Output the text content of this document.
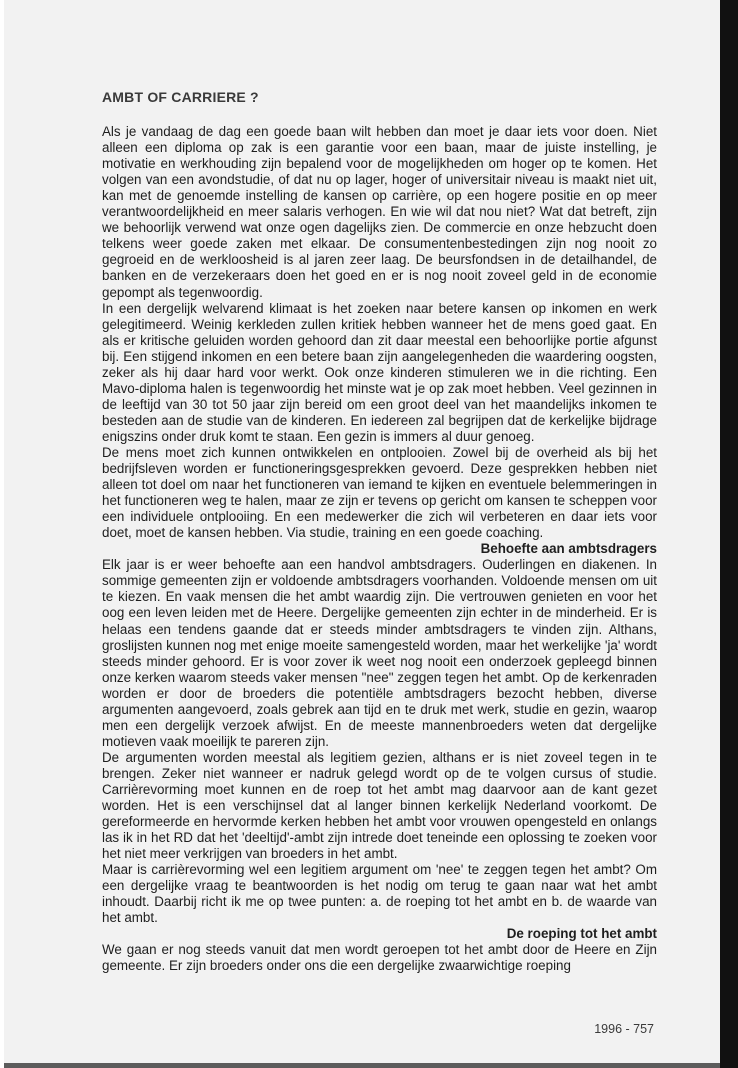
AMBT OF CARRIERE ?

Als je vandaag de dag een goede baan wilt hebben dan moet je daar iets voor doen. Niet alleen een diploma op zak is een garantie voor een baan, maar de juiste instelling, je motivatie en werkhouding zijn bepalend voor de mogelijkheden om hoger op te komen. Het volgen van een avondstudie, of dat nu op lager, hoger of universitair niveau is maakt niet uit, kan met de genoemde instelling de kansen op carrière, op een hogere positie en op meer verantwoordelijkheid en meer salaris verhogen. En wie wil dat nou niet? Wat dat betreft, zijn we behoorlijk verwend wat onze ogen dagelijks zien. De commercie en onze hebzucht doen telkens weer goede zaken met elkaar. De consumentenbestedingen zijn nog nooit zo gegroeid en de werkloosheid is al jaren zeer laag. De beursfondsen in de detailhandel, de banken en de verzekeraars doen het goed en er is nog nooit zoveel geld in de economie gepompt als tegenwoordig.

In een dergelijk welvarend klimaat is het zoeken naar betere kansen op inkomen en werk gelegitimeerd. Weinig kerkleden zullen kritiek hebben wanneer het de mens goed gaat. En als er kritische geluiden worden gehoord dan zit daar meestal een behoorlijke portie afgunst bij. Een stijgend inkomen en een betere baan zijn aangelegenheden die waardering oogsten, zeker als hij daar hard voor werkt. Ook onze kinderen stimuleren we in die richting. Een Mavo-diploma halen is tegenwoordig het minste wat je op zak moet hebben. Veel gezinnen in de leeftijd van 30 tot 50 jaar zijn bereid om een groot deel van het maandelijks inkomen te besteden aan de studie van de kinderen. En iedereen zal begrijpen dat de kerkelijke bijdrage enigszins onder druk komt te staan. Een gezin is immers al duur genoeg.

De mens moet zich kunnen ontwikkelen en ontplooien. Zowel bij de overheid als bij het bedrijfsleven worden er functioneringsgesprekken gevoerd. Deze gesprekken hebben niet alleen tot doel om naar het functioneren van iemand te kijken en eventuele belemmeringen in het functioneren weg te halen, maar ze zijn er tevens op gericht om kansen te scheppen voor een individuele ontplooiing. En een medewerker die zich wil verbeteren en daar iets voor doet, moet de kansen hebben. Via studie, training en een goede coaching.

Behoefte aan ambtsdragers

Elk jaar is er weer behoefte aan een handvol ambtsdragers. Ouderlingen en diakenen. In sommige gemeenten zijn er voldoende ambtsdragers voorhanden. Voldoende mensen om uit te kiezen. En vaak mensen die het ambt waardig zijn. Die vertrouwen genieten en voor het oog een leven leiden met de Heere. Dergelijke gemeenten zijn echter in de minderheid. Er is helaas een tendens gaande dat er steeds minder ambtsdragers te vinden zijn. Althans, groslijsten kunnen nog met enige moeite samengesteld worden, maar het werkelijke 'ja' wordt steeds minder gehoord. Er is voor zover ik weet nog nooit een onderzoek gepleegd binnen onze kerken waarom steeds vaker mensen "nee" zeggen tegen het ambt. Op de kerkenraden worden er door de broeders die potentiële ambtsdragers bezocht hebben, diverse argumenten aangevoerd, zoals gebrek aan tijd en te druk met werk, studie en gezin, waarop men een dergelijk verzoek afwijst. En de meeste mannenbroeders weten dat dergelijke motieven vaak moeilijk te pareren zijn.

De argumenten worden meestal als legitiem gezien, althans er is niet zoveel tegen in te brengen. Zeker niet wanneer er nadruk gelegd wordt op de te volgen cursus of studie. Carrièrevorming moet kunnen en de roep tot het ambt mag daarvoor aan de kant gezet worden. Het is een verschijnsel dat al langer binnen kerkelijk Nederland voorkomt. De gereformeerde en hervormde kerken hebben het ambt voor vrouwen opengesteld en onlangs las ik in het RD dat het 'deeltijd'-ambt zijn intrede doet teneinde een oplossing te zoeken voor het niet meer verkrijgen van broeders in het ambt.

Maar is carrièrevorming wel een legitiem argument om 'nee' te zeggen tegen het ambt? Om een dergelijke vraag te beantwoorden is het nodig om terug te gaan naar wat het ambt inhoudt. Daarbij richt ik me op twee punten: a. de roeping tot het ambt en b. de waarde van het ambt.

De roeping tot het ambt

We gaan er nog steeds vanuit dat men wordt geroepen tot het ambt door de Heere en Zijn gemeente. Er zijn broeders onder ons die een dergelijke zwaarwichtige roeping

1996 - 757
